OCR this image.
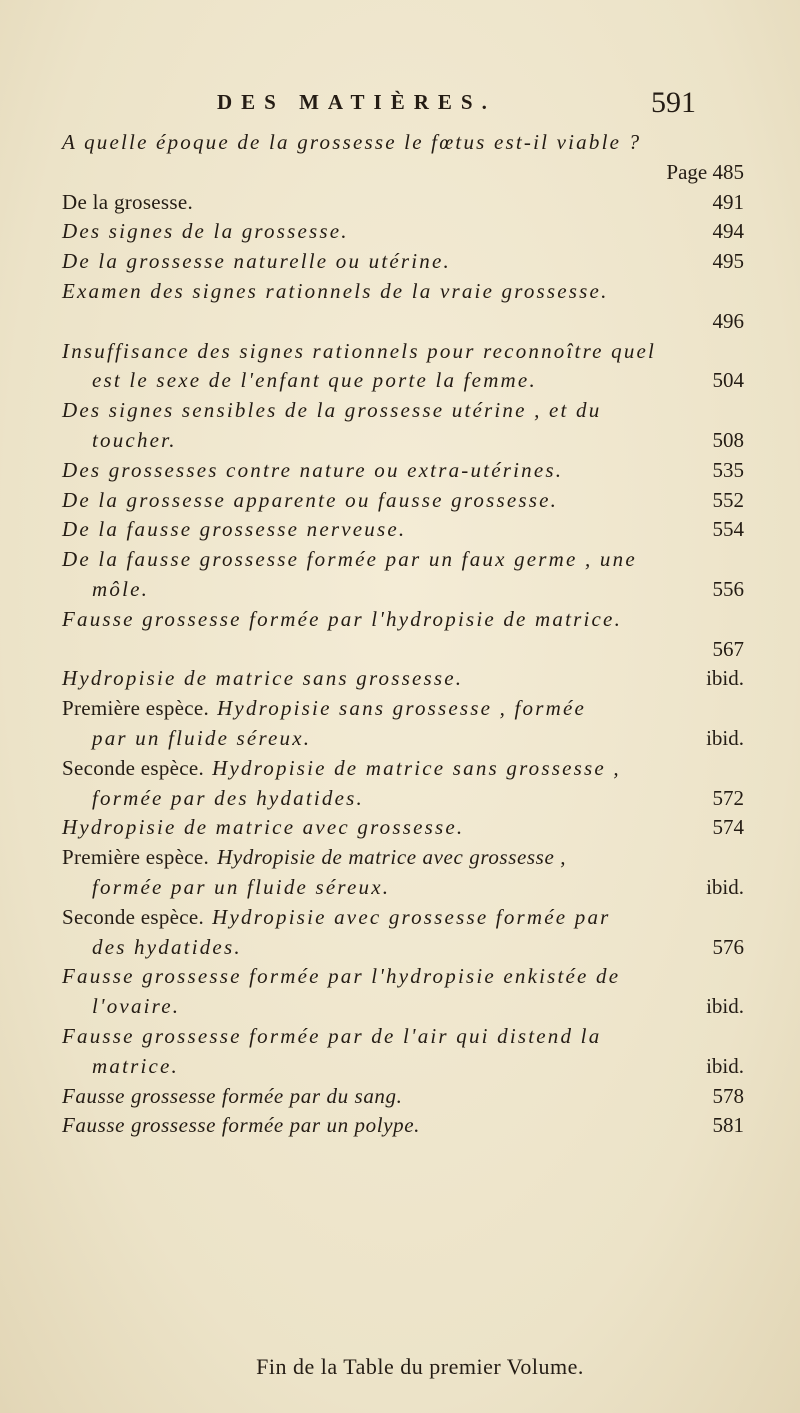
DES MATIÈRES.	591
A quelle époque de la grossesse le fœtus est-il viable ?
Page 485
De la grosesse.	491
Des signes de la grossesse.	494
De la grossesse naturelle ou utérine.	495
Examen des signes rationnels de la vraie grossesse.
496
Insuffisance des signes rationnels pour reconnoître quel
est le sexe de l'enfant que porte la femme.	504
Des signes sensibles de la grossesse utérine , et du
toucher.	508
Des grossesses contre nature ou extra-utérines.	535
De la grossesse apparente ou fausse grossesse.	552
De la fausse grossesse nerveuse.	554
De la fausse grossesse formée par un faux germe , une
môle.	556
Fausse grossesse formée par l'hydropisie de matrice.
567
Hydropisie de matrice sans grossesse.	ibid.
Première espèce. Hydropisie sans grossesse , formée
par un fluide séreux.	ibid.
Seconde espèce. Hydropisie de matrice sans grossesse ,
formée par des hydatides.	572
Hydropisie de matrice avec grossesse.	574
Première espèce. Hydropisie de matrice avec grossesse ,
formée par un fluide séreux.	ibid.
Seconde espèce. Hydropisie avec grossesse formée par
des hydatides.	576
Fausse grossesse formée par l'hydropisie enkistée de
l'ovaire.	ibid.
Fausse grossesse formée par de l'air qui distend la
matrice.	ibid.
Fausse grossesse formée par du sang.	578
Fausse grossesse formée par un polype.	581
Fin de la Table du premier Volume.
